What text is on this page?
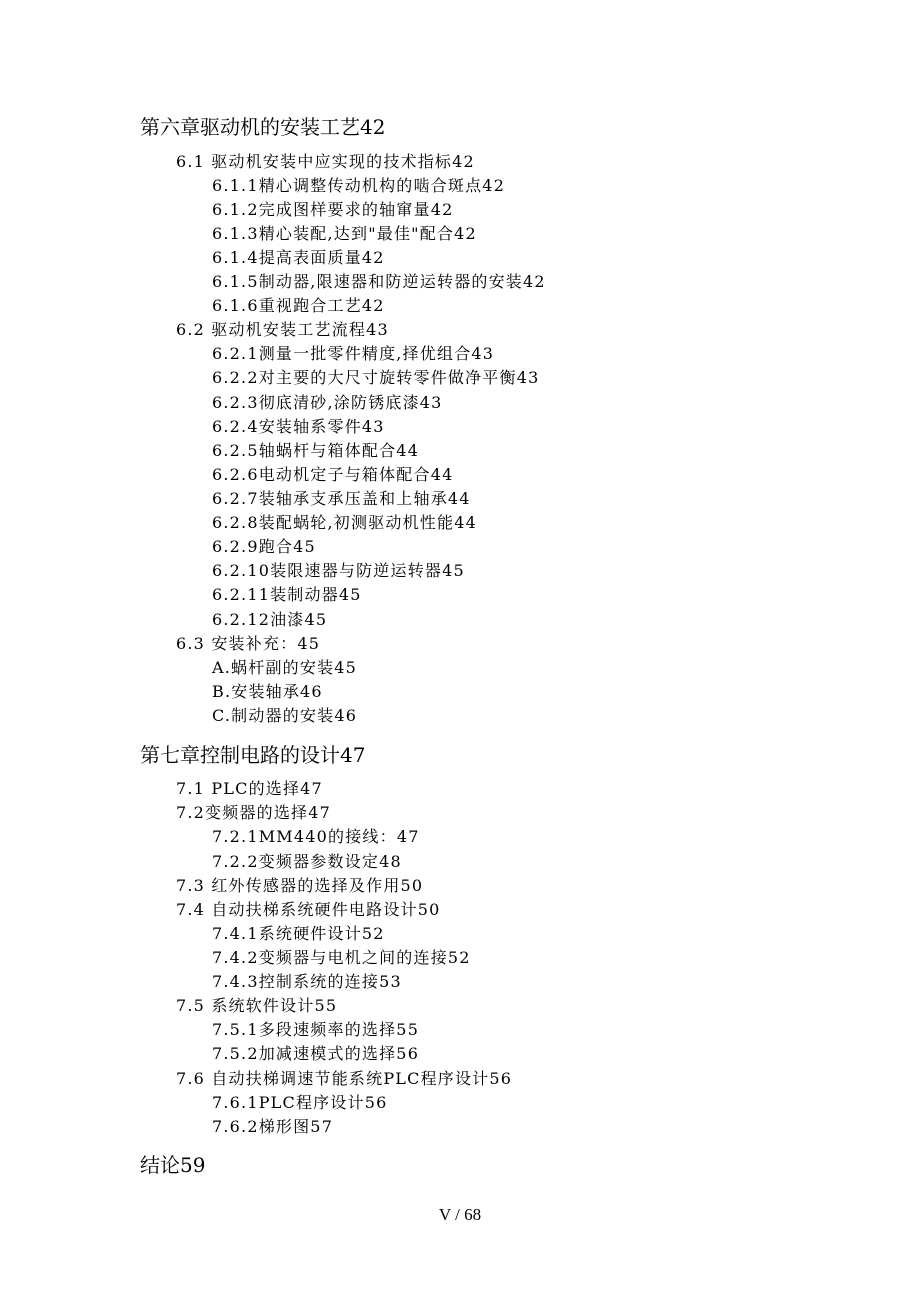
第六章驱动机的安装工艺42
6.1 驱动机安装中应实现的技术指标42
6.1.1精心调整传动机构的啮合斑点42
6.1.2完成图样要求的轴窜量42
6.1.3精心装配,达到"最佳"配合42
6.1.4提高表面质量42
6.1.5制动器,限速器和防逆运转器的安装42
6.1.6重视跑合工艺42
6.2 驱动机安装工艺流程43
6.2.1测量一批零件精度,择优组合43
6.2.2对主要的大尺寸旋转零件做净平衡43
6.2.3彻底清砂,涂防锈底漆43
6.2.4安装轴系零件43
6.2.5轴蜗杆与箱体配合44
6.2.6电动机定子与箱体配合44
6.2.7装轴承支承压盖和上轴承44
6.2.8装配蜗轮,初测驱动机性能44
6.2.9跑合45
6.2.10装限速器与防逆运转器45
6.2.11装制动器45
6.2.12油漆45
6.3 安装补充：45
A.蜗杆副的安装45
B.安装轴承46
C.制动器的安装46
第七章控制电路的设计47
7.1 PLC的选择47
7.2变频器的选择47
7.2.1MM440的接线：47
7.2.2变频器参数设定48
7.3 红外传感器的选择及作用50
7.4 自动扶梯系统硬件电路设计50
7.4.1系统硬件设计52
7.4.2变频器与电机之间的连接52
7.4.3控制系统的连接53
7.5 系统软件设计55
7.5.1多段速频率的选择55
7.5.2加减速模式的选择56
7.6 自动扶梯调速节能系统PLC程序设计56
7.6.1PLC程序设计56
7.6.2梯形图57
结论59
V / 68
